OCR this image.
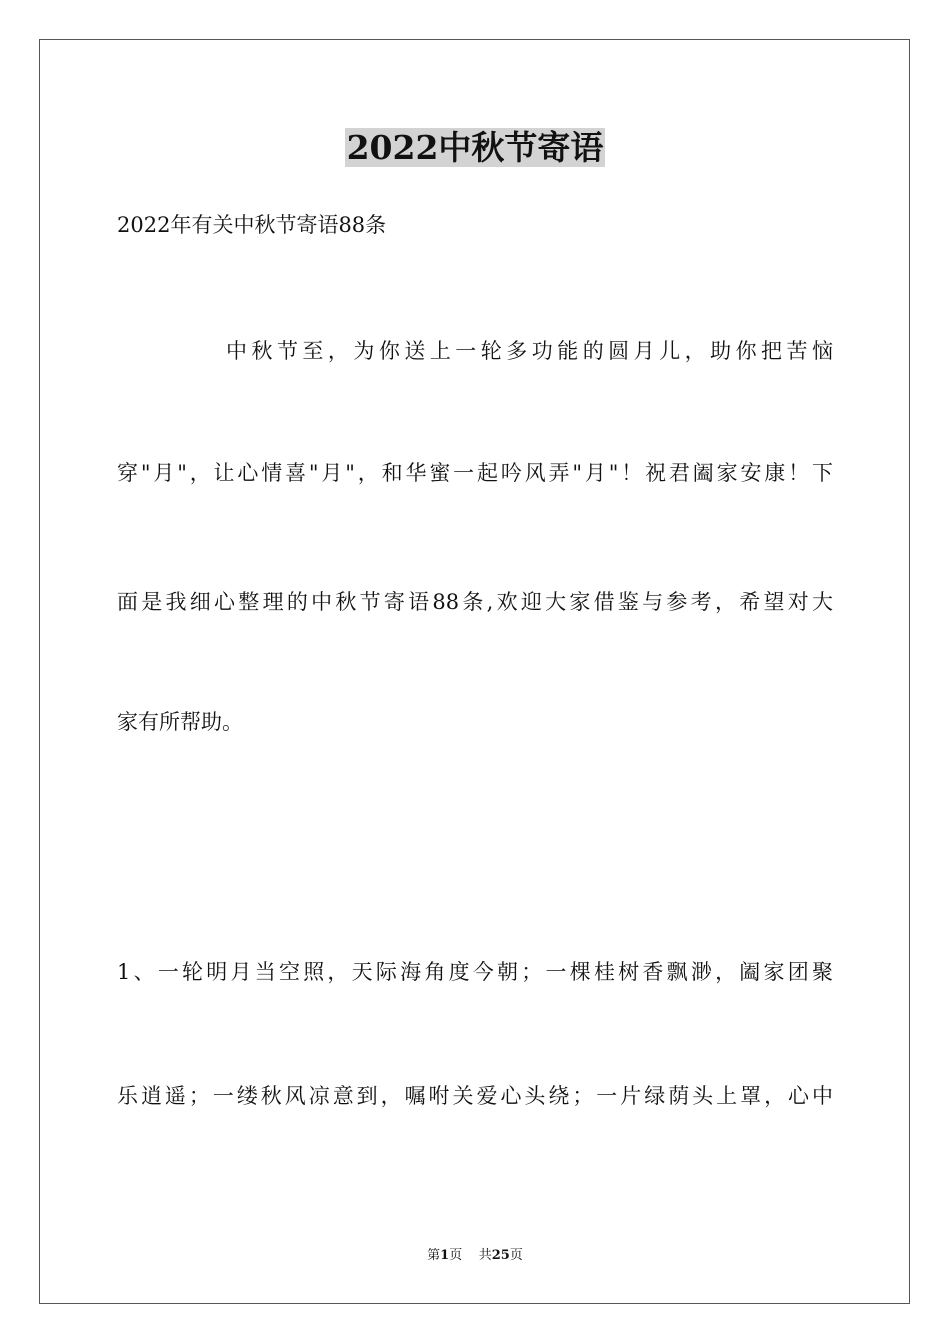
2022中秋节寄语
2022年有关中秋节寄语88条
中秋节至，为你送上一轮多功能的圆月儿，助你把苦恼
穿"月"，让心情喜"月"，和华蜜一起吟风弄"月"！祝君阖家安康！下
面是我细心整理的中秋节寄语88条,欢迎大家借鉴与参考，希望对大
家有所帮助。
1、一轮明月当空照，天际海角度今朝；一棵桂树香飘渺，阖家团聚
乐逍遥；一缕秋风凉意到，嘱咐关爱心头绕；一片绿荫头上罩，心中
第1页 共25页
